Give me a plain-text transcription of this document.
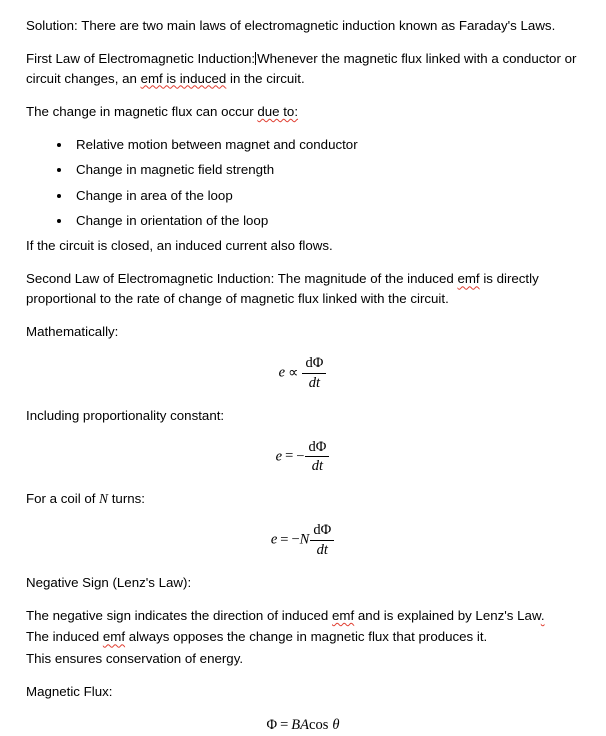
Solution: There are two main laws of electromagnetic induction known as Faraday's Laws.

First Law of Electromagnetic Induction: Whenever the magnetic flux linked with a conductor or circuit changes, an emf is induced in the circuit.

The change in magnetic flux can occur due to:

• Relative motion between magnet and conductor
• Change in magnetic field strength
• Change in area of the loop
• Change in orientation of the loop

If the circuit is closed, an induced current also flows.

Second Law of Electromagnetic Induction: The magnitude of the induced emf is directly proportional to the rate of change of magnetic flux linked with the circuit.

Mathematically:

$e \propto \frac{d\Phi}{dt}$

Including proportionality constant:

e = − $\frac{d\Phi}{dt}$

For a coil of N turns:

$e = -N \frac{d\Phi}{dt}$

Negative Sign (Lenz's Law):

The negative sign indicates the direction of induced emf and is explained by Lenz's Law.

The induced emf always opposes the change in magnetic flux that produces it.

This ensures conservation of energy.

Magnetic Flux:

Φ = BAcos θ
